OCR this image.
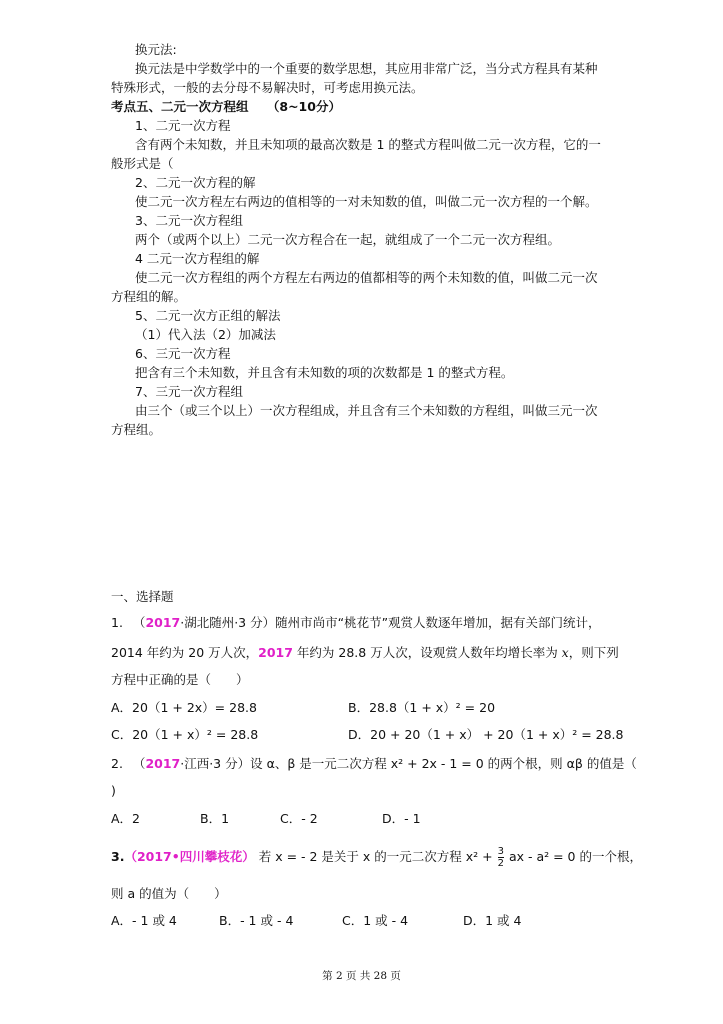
换元法:
换元法是中学数学中的一个重要的数学思想，其应用非常广泛，当分式方程具有某种
特殊形式，一般的去分母不易解决时，可考虑用换元法。
考点五、二元一次方程组 （8~10分）
1、二元一次方程
含有两个未知数，并且未知项的最高次数是 1 的整式方程叫做二元一次方程，它的一
般形式是（
2、二元一次方程的解
使二元一次方程左右两边的值相等的一对未知数的值，叫做二元一次方程的一个解。
3、二元一次方程组
两个（或两个以上）二元一次方程合在一起，就组成了一个二元一次方程组。
4 二元一次方程组的解
使二元一次方程组的两个方程左右两边的值都相等的两个未知数的值，叫做二元一次
方程组的解。
5、二元一次方正组的解法
（1）代入法（2）加减法
6、三元一次方程
把含有三个未知数，并且含有未知数的项的次数都是 1 的整式方程。
7、三元一次方程组
由三个（或三个以上）一次方程组成，并且含有三个未知数的方程组，叫做三元一次
方程组。
一、选择题
1. （2017·湖北随州·3 分）随州市尚市“桃花节”观赏人数逐年增加，据有关部门统计，
2014 年约为 20 万人次，2017 年约为 28.8 万人次，设观赏人数年均增长率为 x，则下列
方程中正确的是（　　）
A．20（1 + 2x）= 28.8	B．28.8（1 + x）² = 20
C．20（1 + x）² = 28.8	D．20 + 20（1 + x） + 20（1 + x）² = 28.8
2. （2017·江西·3 分）设 α、β 是一元二次方程 x² + 2x - 1 = 0 的两个根，则 αβ 的值是（
)
A．2	B．1	C．- 2	D．- 1
3.（2017•四川攀枝花） 若 x = - 2 是关于 x 的一元二次方程 $x^2 + \frac{3}{2}$ ax - a² = 0 的一个根，
则 a 的值为（　　）
A．- 1 或 4	B．- 1 或 - 4	C．1 或 - 4	D．1 或 4
第 2 页 共 28 页
